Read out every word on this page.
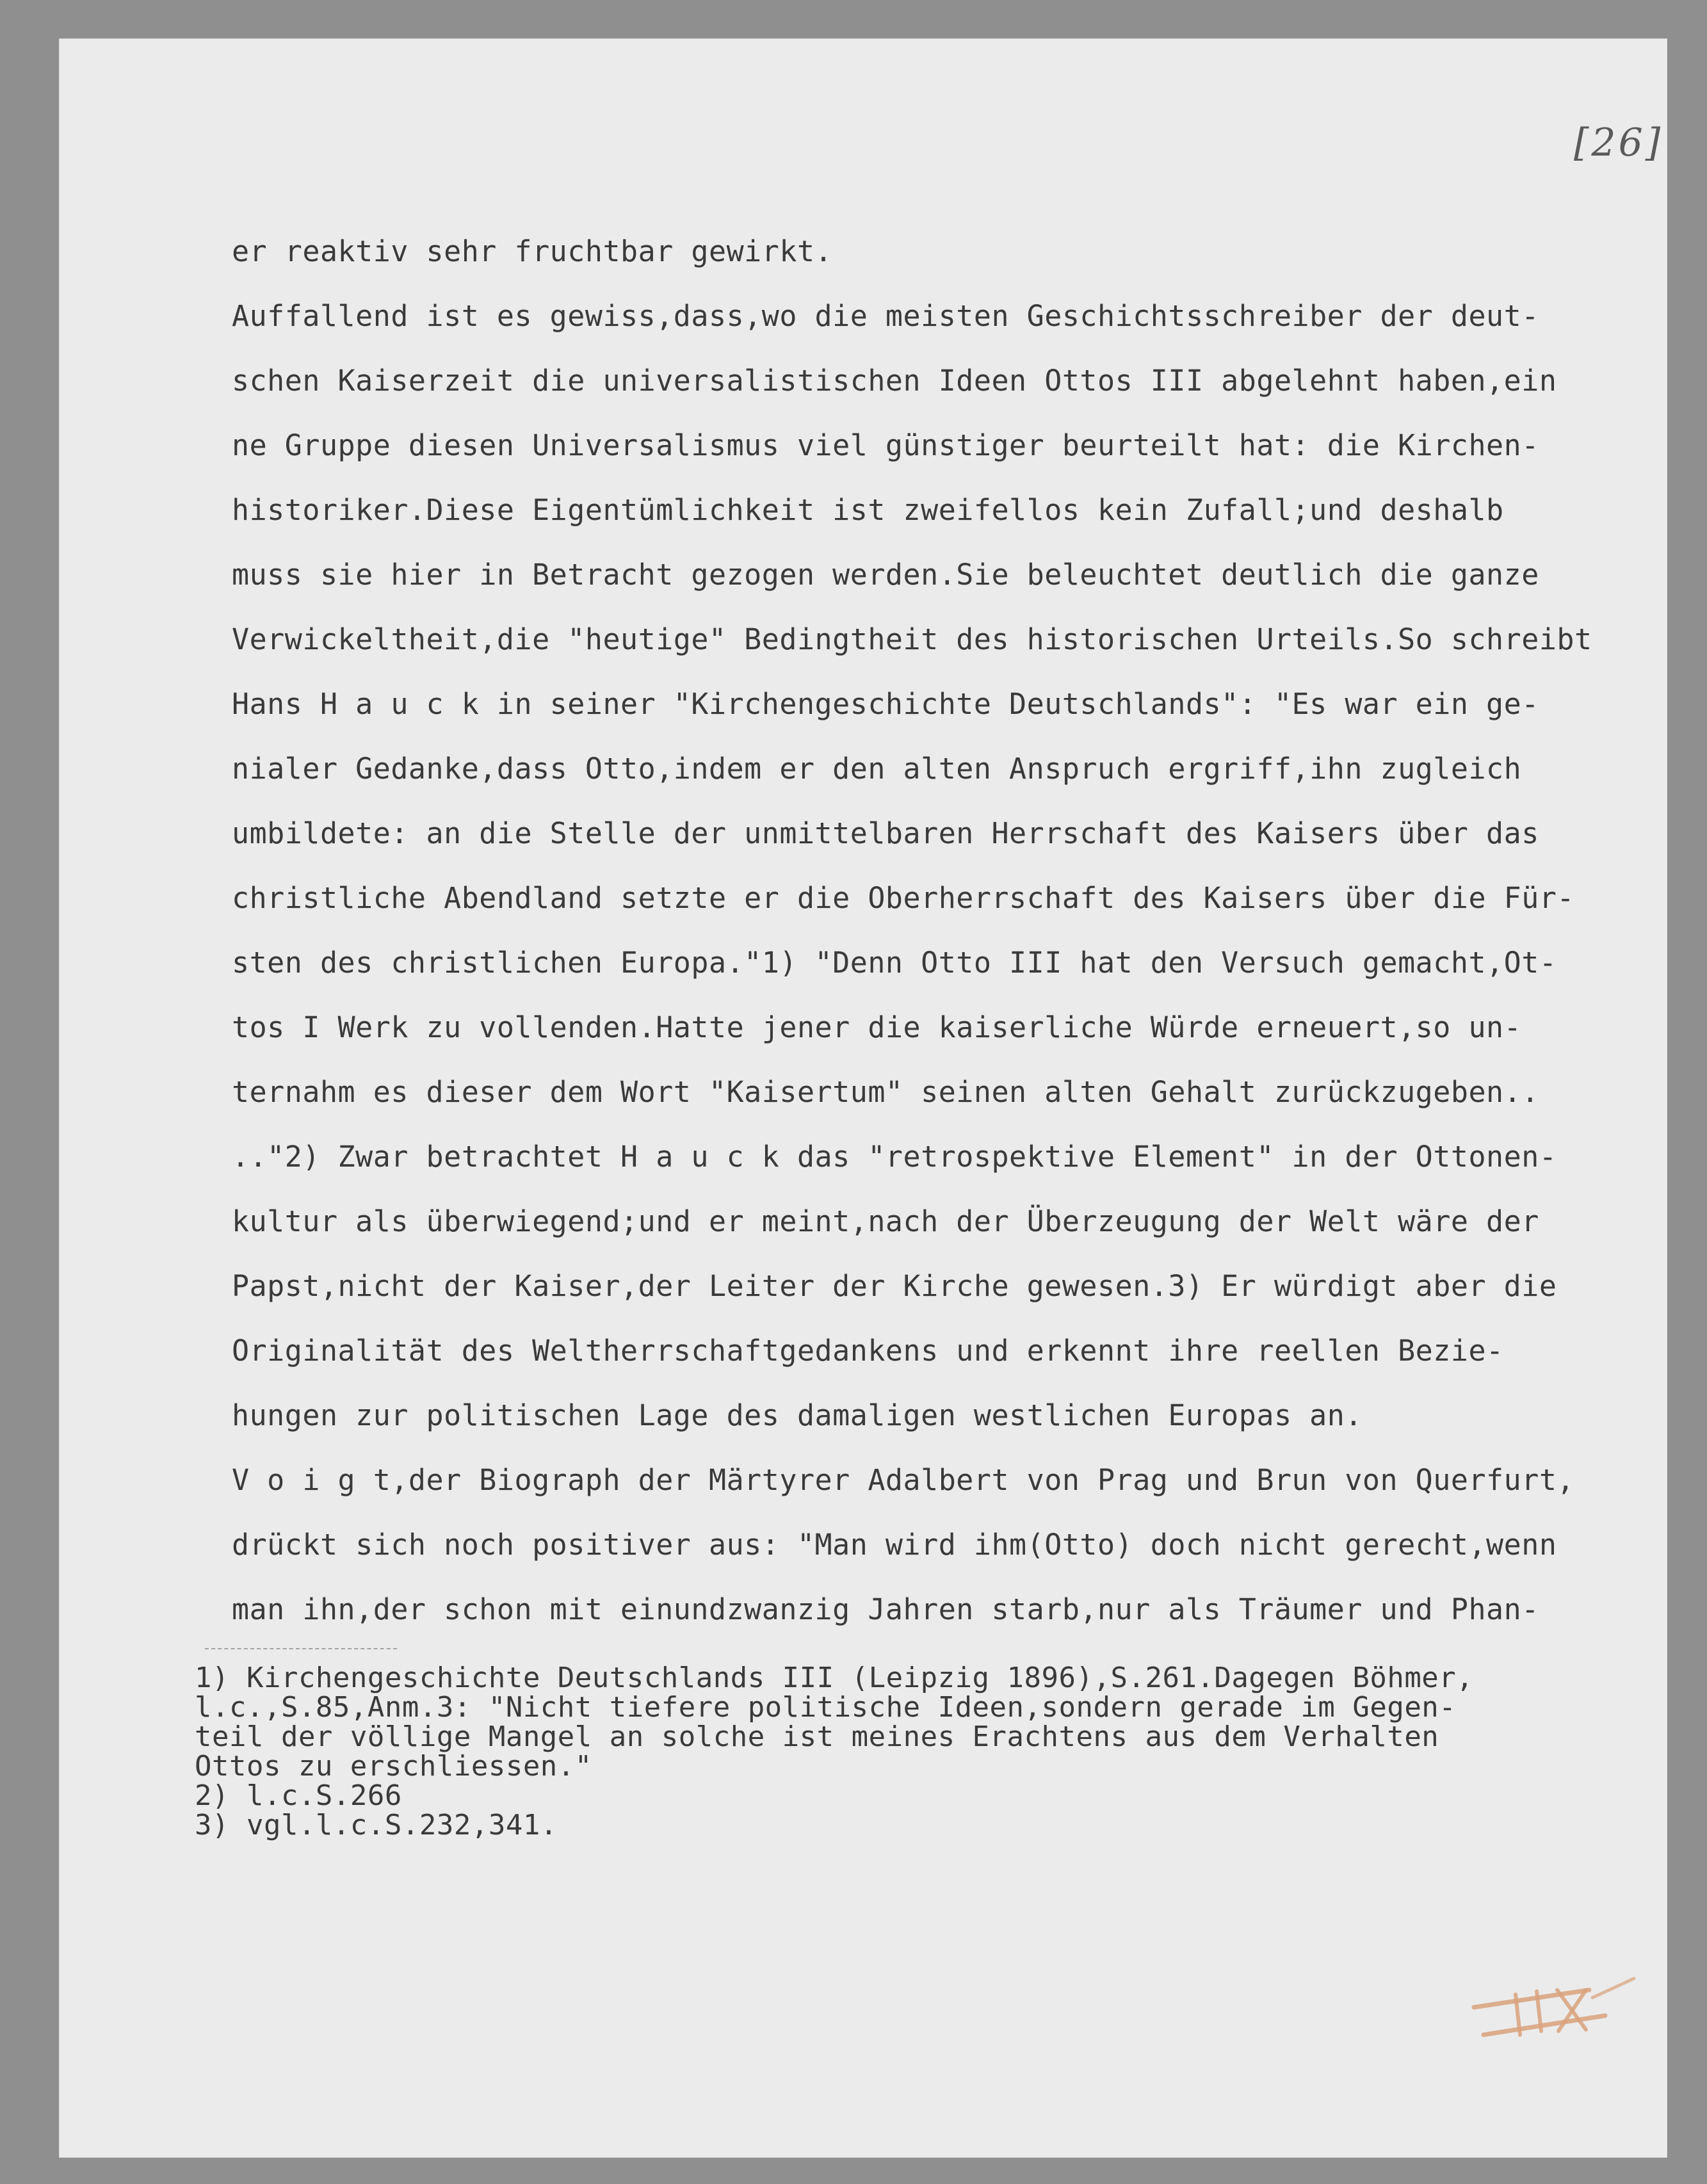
[26]
er reaktiv sehr fruchtbar gewirkt.
Auffallend ist es gewiss,dass,wo die meisten Geschichtsschreiber der deut-
schen Kaiserzeit die universalistischen Ideen Ottos III abgelehnt haben,ein
ne Gruppe diesen Universalismus viel günstiger beurteilt hat: die Kirchen-
historiker.Diese Eigentümlichkeit ist zweifellos kein Zufall;und deshalb
muss sie hier in Betracht gezogen werden.Sie beleuchtet deutlich die ganze
Verwickeltheit,die "heutige" Bedingtheit des historischen Urteils.So schreibt
Hans H a u c k in seiner "Kirchengeschichte Deutschlands": "Es war ein ge-
nialer Gedanke,dass Otto,indem er den alten Anspruch ergriff,ihn zugleich
umbildete: an die Stelle der unmittelbaren Herrschaft des Kaisers über das
christliche Abendland setzte er die Oberherrschaft des Kaisers über die Für-
sten des christlichen Europa."1) "Denn Otto III hat den Versuch gemacht,Ot-
tos I Werk zu vollenden.Hatte jener die kaiserliche Würde erneuert,so un-
ternahm es dieser dem Wort "Kaisertum" seinen alten Gehalt zurückzugeben..
.."2) Zwar betrachtet H a u c k das "retrospektive Element" in der Ottonen-
kultur als überwiegend;und er meint,nach der Überzeugung der Welt wäre der
Papst,nicht der Kaiser,der Leiter der Kirche gewesen.3) Er würdigt aber die
Originalität des Weltherrschaftgedankens und erkennt ihre reellen Bezie-
hungen zur politischen Lage des damaligen westlichen Europas an.
V o i g t,der Biograph der Märtyrer Adalbert von Prag und Brun von Querfurt,
drückt sich noch positiver aus: "Man wird ihm(Otto) doch nicht gerecht,wenn
man ihn,der schon mit einundzwanzig Jahren starb,nur als Träumer und Phan-
1) Kirchengeschichte Deutschlands III (Leipzig 1896),S.261.Dagegen Böhmer,
l.c.,S.85,Anm.3: "Nicht tiefere politische Ideen,sondern gerade im Gegen-
teil der völlige Mangel an solche ist meines Erachtens aus dem Verhalten
Ottos zu erschliessen."
2) l.c.S.266
3) vgl.l.c.S.232,341.
